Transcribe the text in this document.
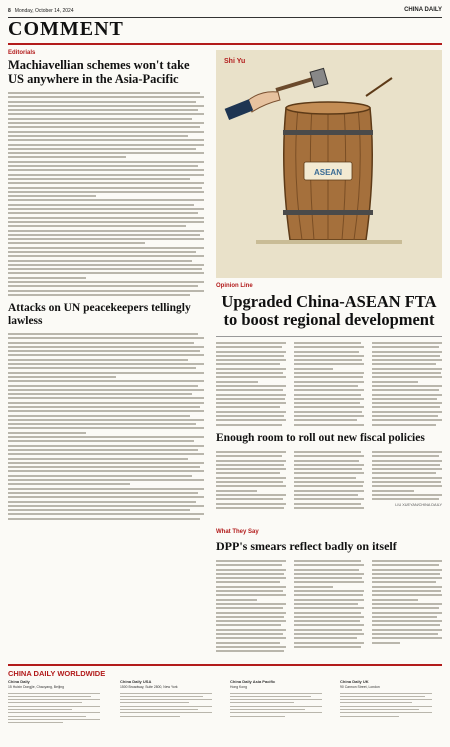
8 Monday, October 14, 2024	CHINA DAILY
COMMENT
Editorials
Machiavellian schemes won't take US anywhere in the Asia-Pacific
Attacks on UN peacekeepers tellingly lawless
Shi Yu
ASEAN
Opinion Line
Upgraded China-ASEAN FTA to boost regional development
Enough room to roll out new fiscal policies
LIU XUEYAN/CHINA DAILY
What They Say
DPP's smears reflect badly on itself
CHINA DAILY WORLDWIDE
China Daily
15 Huixin Dongjie, Chaoyang, Beijing
China Daily USA
1500 Broadway, Suite 2800, New York
China Daily Asia Pacific
Hong Kong
China Daily UK
90 Cannon Street, London
